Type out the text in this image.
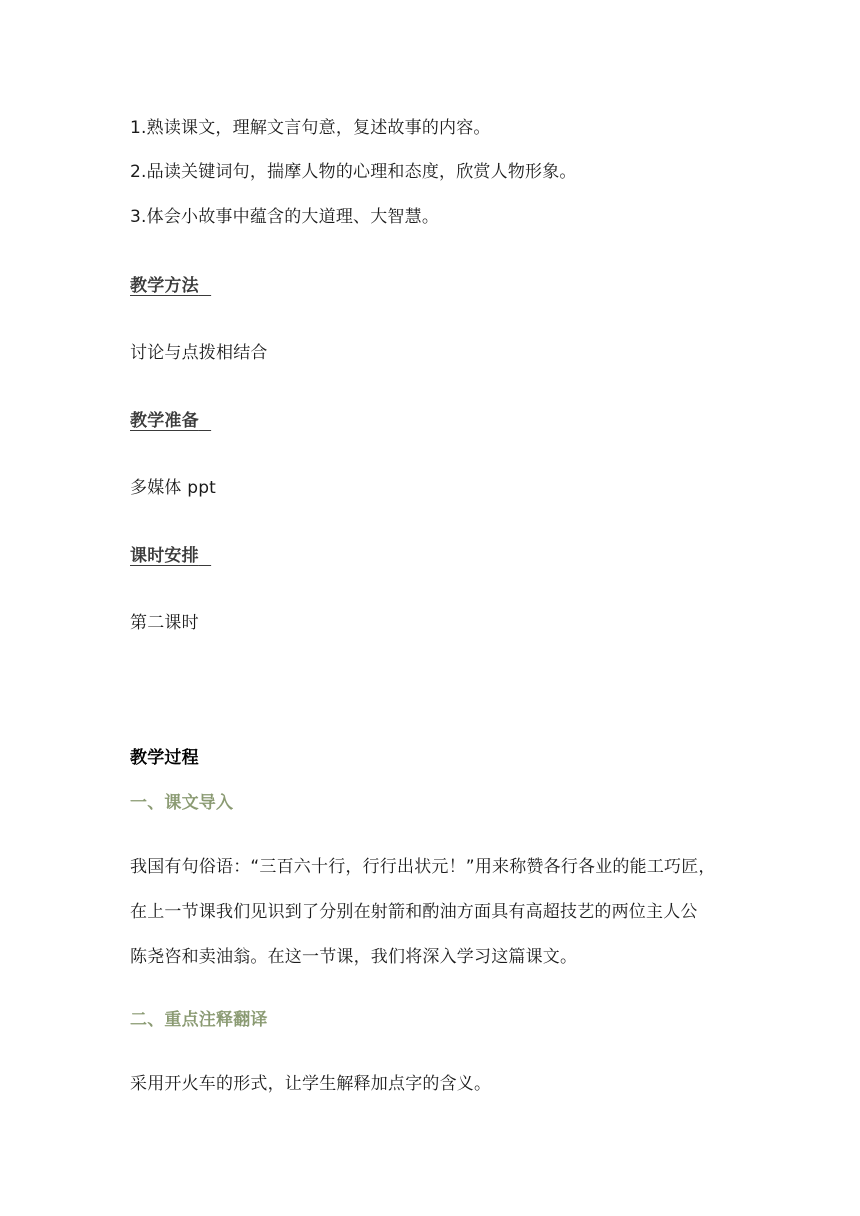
1.熟读课文，理解文言句意，复述故事的内容。
2.品读关键词句，揣摩人物的心理和态度，欣赏人物形象。
3.体会小故事中蕴含的大道理、大智慧。
教学方法
讨论与点拨相结合
教学准备
多媒体 ppt
课时安排
第二课时
教学过程
一、课文导入
我国有句俗语：“三百六十行，行行出状元！”用来称赞各行各业的能工巧匠，
在上一节课我们见识到了分别在射箭和酌油方面具有高超技艺的两位主人公
陈尧咨和卖油翁。在这一节课，我们将深入学习这篇课文。
二、重点注释翻译
采用开火车的形式，让学生解释加点字的含义。
